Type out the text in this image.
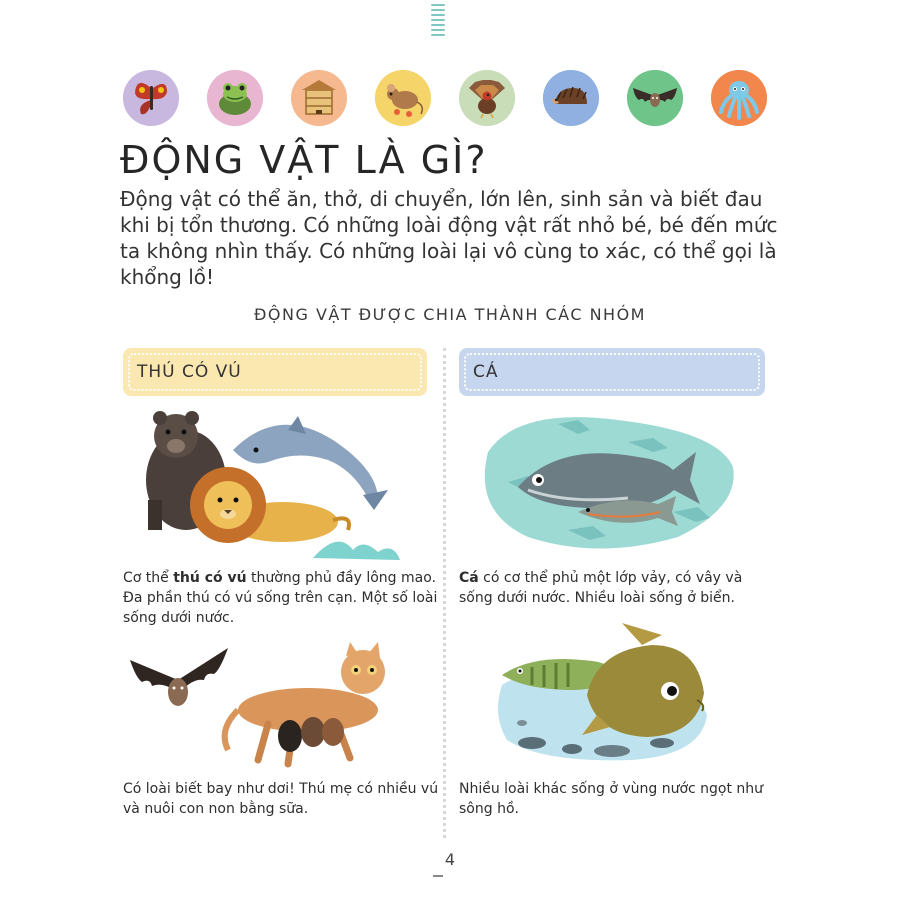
ĐỘNG VẬT LÀ GÌ?

Động vật có thể ăn, thở, di chuyển, lớn lên, sinh sản và biết đau khi bị tổn thương. Có những loài động vật rất nhỏ bé, bé đến mức ta không nhìn thấy. Có những loài lại vô cùng to xác, có thể gọi là khổng lồ!

ĐỘNG VẬT ĐƯỢC CHIA THÀNH CÁC NHÓM
THÚ CÓ VÚ

Cơ thể thú có vú thường phủ đầy lông mao. Đa phần thú có vú sống trên cạn. Một số loài sống dưới nước.

Có loài biết bay như dơi! Thú mẹ có nhiều vú và nuôi con non bằng sữa.

CÁ

Cá có cơ thể phủ một lớp vảy, có vây và sống dưới nước. Nhiều loài sống ở biển.

Nhiều loài khác sống ở vùng nước ngọt như sông hồ.

4
